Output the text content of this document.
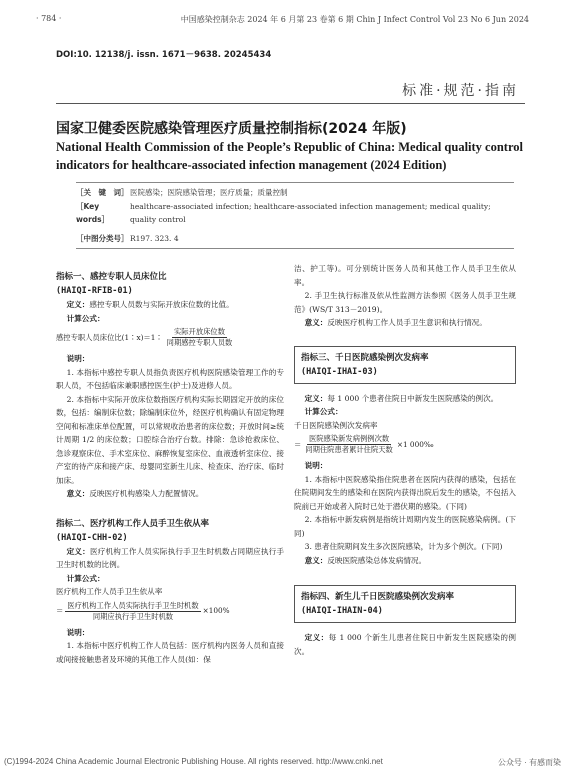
· 784 ·	中国感染控制杂志 2024 年 6 月第 23 卷第 6 期 Chin J Infect Control Vol 23 No 6 Jun 2024
DOI:10. 12138/j. issn. 1671－9638. 20245434
标准·规范·指南
国家卫健委医院感染管理医疗质量控制指标(2024 年版)
National Health Commission of the People’s Republic of China: Medical quality control indicators for healthcare-associated infection management (2024 Edition)
［关　键　词］ 医院感染；医院感染管理；医疗质量；质量控制
［Key words］
healthcare-associated infection; healthcare-associated infection management; medical quality; quality control
［中图分类号］ R197. 323. 4

指标一、感控专职人员床位比

(HAIQI-RFIB-01)

定义：感控专职人员数与实际开放床位数的比值。

计算公式：

感控专职人员床位比(1∶x)＝1∶ $\frac{\text{实际开放床位数}}{\text{同期感控专职人员数}}$

说明：

1. 本指标中感控专职人员指负责医疗机构医院感染管理工作的专职人员，不包括临床兼职感控医生(护士)及进修人员。

2. 本指标中实际开放床位数指医疗机构实际长期固定开放的床位数，包括：编制床位数；除编制床位外，经医疗机构确认有固定物理空间和标准床单位配置，可以常规收治患者的床位数；开放时间≥统计周期 1/2 的床位数；口腔综合治疗台数。排除：急诊抢救床位、急诊观察床位、手术室床位、麻醉恢复室床位、血液透析室床位、接产室的待产床和接产床、母婴同室新生儿床、检查床、治疗床、临时加床。

意义：反映医疗机构感染人力配置情况。

指标二、医疗机构工作人员手卫生依从率

(HAIQI-CHH-02)

定义：医疗机构工作人员实际执行手卫生时机数占同期应执行手卫生时机数的比例。

计算公式：

医疗机构工作人员手卫生依从率

＝ $\frac{\text{医疗机构工作人员实际执行手卫生时机数}}{\text{同期应执行手卫生时机数}} \times 100\%$

说明：

1. 本指标中医疗机构工作人员包括：医疗机构内医务人员和直接或间接接触患者及环境的其他工作人员(如：保

洁、护工等)。可分别统计医务人员和其他工作人员手卫生依从率。

2. 手卫生执行标准及依从性监测方法参照《医务人员手卫生规范》(WS/T 313－2019)。

意义：反映医疗机构工作人员手卫生意识和执行情况。

指标三、千日医院感染例次发病率

(HAIQI-IHAI-03)

定义：每 1 000 个患者住院日中新发生医院感染的例次。

计算公式：

千日医院感染例次发病率

＝ $\frac{\text{医院感染新发病例例次数}}{\text{同期住院患者累计住院天数}} \times 1$ 000‰

说明：

1. 本指标中医院感染指住院患者在医院内获得的感染，包括在住院期间发生的感染和在医院内获得出院后发生的感染，不包括入院前已开始或者入院时已处于潜伏期的感染。(下同)

2. 本指标中新发病例是指统计周期内发生的医院感染病例。(下同)

3. 患者住院期间发生多次医院感染，计为多个例次。(下同)

意义：反映医院感染总体发病情况。

指标四、新生儿千日医院感染例次发病率

(HAIQI-IHAIN-04)

定义：每 1 000 个新生儿患者住院日中新发生医院感染的例次。

(C)1994-2024 China Academic Journal Electronic Publishing House. All rights reserved. http://www.cnki.net	公众号 · 有感而染
